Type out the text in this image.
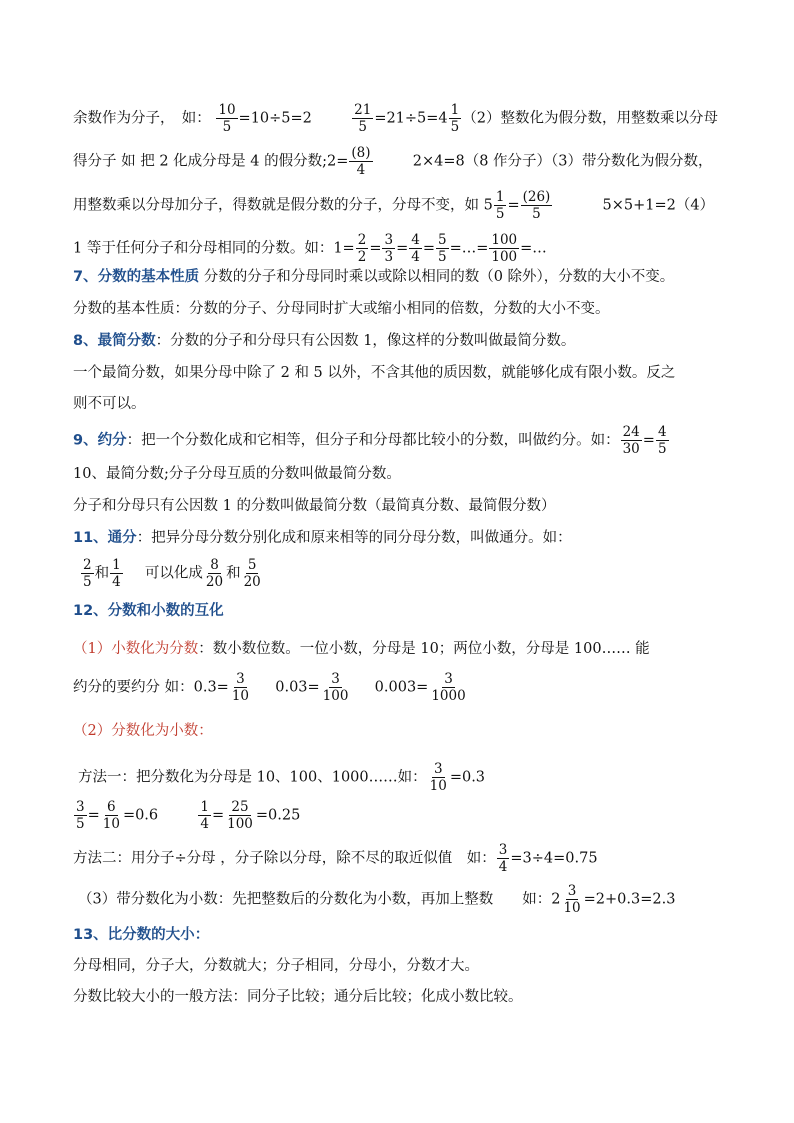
余数作为分子，　如： $\frac{10}{5} =10\div 5=2$	$\frac{21}{5} =21\div 5=4 \frac{1}{5} (2)$整数化为假分数，用整数乘以分母
得分子 如 把 2 化成分母是 4 的假分数;2= $\frac{(8)}{4}$	2×4=8（8 作分子）（3）带分数化为假分数，
用整数乘以分母加分子，得数就是假分数的分子，分母不变，如 $5 \frac{1}{5} = \frac{(26)}{5}$	5×5+1=2（4）
1 等于任何分子和分母相同的分数。如：$1= \frac{2}{2} = \frac{3}{3} = \frac{4}{4} = \frac{5}{5}$ =…= $\frac{100}{100}$ =…
7、分数的基本性质 分数的分子和分母同时乘以或除以相同的数（0 除外），分数的大小不变。
分数的基本性质：分数的分子、分母同时扩大或缩小相同的倍数，分数的大小不变。
8、最简分数：分数的分子和分母只有公因数 1，像这样的分数叫做最简分数。
一个最简分数，如果分母中除了 2 和 5 以外，不含其他的质因数，就能够化成有限小数。反之
则不可以。
9、约分：把一个分数化成和它相等，但分子和分母都比较小的分数，叫做约分。如： $\frac{24}{30} = \frac{4}{5}$
10、最简分数;分子分母互质的分数叫做最简分数。
分子和分母只有公因数 1 的分数叫做最简分数（最简真分数、最简假分数）
11、通分：把异分母分数分别化成和原来相等的同分母分数，叫做通分。如：
$\frac{2}{5}$ 和 $\frac{1}{4}$ 可以化成 $\frac{8}{20}$ 和 $\frac{5}{20}$
12、分数和小数的互化
（1）小数化为分数：数小数位数。一位小数，分母是 10；两位小数，分母是 100…… 能
约分的要约分 如：$0.3= \frac{3}{10} 0.03= \frac{3}{100} 0.003= \frac{3}{1000}$
（2）分数化为小数：
方法一：把分数化为分母是 10、100、1000……如： $\frac{3}{10} =0.3$
$\frac{3}{5} = \frac{6}{10} =0.6$	$\frac{1}{4} = \frac{25}{100} =0.25$
方法二：用分子÷分母 ，分子除以分母，除不尽的取近似值　如： $\frac{3}{4} =3\div 4=0.75$
（3）带分数化为小数：先把整数后的分数化为小数，再加上整数　　如：$2 \frac{3}{10} =2+0.3=2.3$
13、比分数的大小：
分母相同，分子大，分数就大；分子相同，分母小，分数才大。
分数比较大小的一般方法：同分子比较；通分后比较；化成小数比较。
